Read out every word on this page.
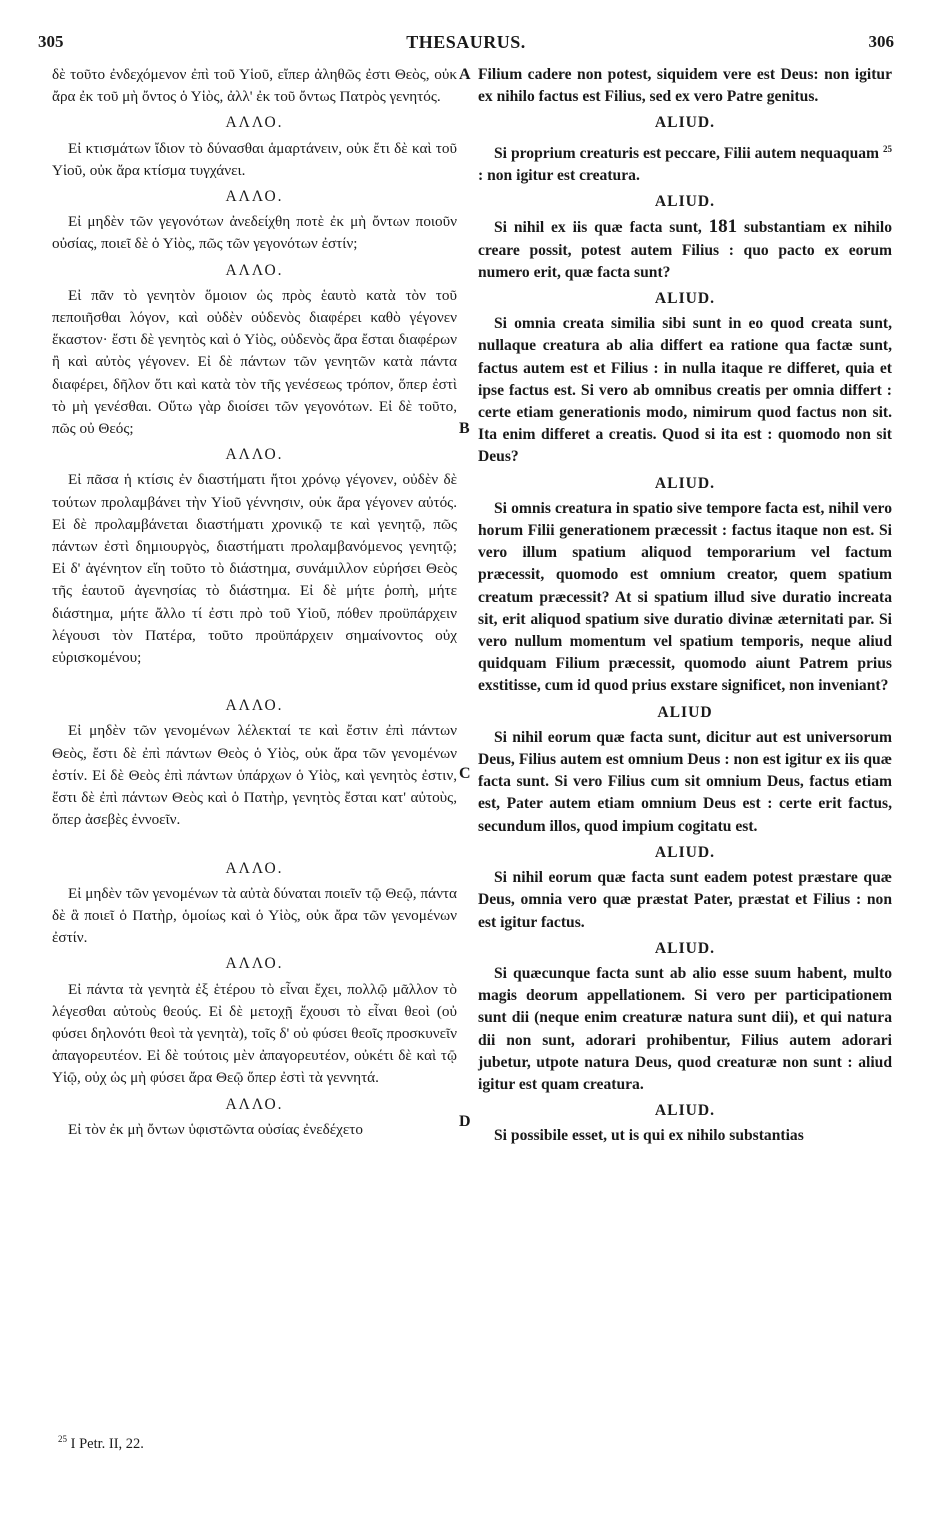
305	THESAURUS.	306

δὲ τοῦτο ἐνδεχόμενον ἐπὶ τοῦ Υἱοῦ, εἴπερ ἀληθῶς ἐστι Θεὸς, οὐκ ἄρα ἐκ τοῦ μὴ ὄντος ὁ Υἱὸς, ἀλλ' ἐκ τοῦ ὄντως Πατρὸς γενητός.

ΑΛΛΟ.

Εἰ κτισμάτων ἴδιον τὸ δύνασθαι ἁμαρτάνειν, οὐκ ἔτι δὲ καὶ τοῦ Υἱοῦ, οὐκ ἄρα κτίσμα τυγχάνει.

ΑΛΛΟ.

Εἰ μηδὲν τῶν γεγονότων ἀνεδείχθη ποτὲ ἐκ μὴ ὄντων ποιοῦν οὐσίας, ποιεῖ δὲ ὁ Υἱὸς, πῶς τῶν γεγονότων ἐστίν;

ΑΛΛΟ.

Εἰ πᾶν τὸ γενητὸν ὅμοιον ὡς πρὸς ἑαυτὸ κατὰ τὸν τοῦ πεποιῆσθαι λόγον, καὶ οὐδὲν οὐδενὸς διαφέρει καθὸ γέγονεν ἕκαστον· ἔστι δὲ γενητὸς καὶ ὁ Υἱὸς, οὐδενὸς ἄρα ἔσται διαφέρων ἢ καὶ αὐτὸς γέγονεν. Εἰ δὲ πάντων τῶν γενητῶν κατὰ πάντα διαφέρει, δῆλον ὅτι καὶ κατὰ τὸν τῆς γενέσεως τρόπον, ὅπερ ἐστὶ τὸ μὴ γενέσθαι. Οὕτω γὰρ διοίσει τῶν γεγονότων. Εἰ δὲ τοῦτο, πῶς οὐ Θεός;

ΑΛΛΟ.

Εἰ πᾶσα ἡ κτίσις ἐν διαστήματι ἤτοι χρόνῳ γέγονεν, οὐδὲν δὲ τούτων προλαμβάνει τὴν Υἱοῦ γέννησιν, οὐκ ἄρα γέγονεν αὐτός. Εἰ δὲ προλαμβάνεται διαστήματι χρονικῷ τε καὶ γενητῷ, πῶς πάντων ἐστὶ δημιουργὸς, διαστήματι προλαμβανόμενος γενητῷ; Εἰ δ' ἀγένητον εἴη τοῦτο τὸ διάστημα, συνάμιλλον εὑρήσει Θεὸς τῆς ἑαυτοῦ ἀγενησίας τὸ διάστημα. Εἰ δὲ μήτε ῥοπὴ, μήτε διάστημα, μήτε ἄλλο τί ἐστι πρὸ τοῦ Υἱοῦ, πόθεν προϋπάρχειν λέγουσι τὸν Πατέρα, τοῦτο προϋπάρχειν σημαίνοντος οὐχ εὑρισκομένου;

ΑΛΛΟ.

Εἰ μηδὲν τῶν γενομένων λέλεκταί τε καὶ ἔστιν ἐπὶ πάντων Θεὸς, ἔστι δὲ ἐπὶ πάντων Θεὸς ὁ Υἱὸς, οὐκ ἄρα τῶν γενομένων ἐστίν. Εἰ δὲ Θεὸς ἐπὶ πάντων ὑπάρχων ὁ Υἱὸς, καὶ γενητὸς ἐστιν, ἔστι δὲ ἐπὶ πάντων Θεὸς καὶ ὁ Πατὴρ, γενητὸς ἔσται κατ' αὐτοὺς, ὅπερ ἀσεβὲς ἐννοεῖν.

ΑΛΛΟ.

Εἰ μηδὲν τῶν γενομένων τὰ αὐτὰ δύναται ποιεῖν τῷ Θεῷ, πάντα δὲ ἃ ποιεῖ ὁ Πατὴρ, ὁμοίως καὶ ὁ Υἱὸς, οὐκ ἄρα τῶν γενομένων ἐστίν.

ΑΛΛΟ.

Εἰ πάντα τὰ γενητὰ ἐξ ἑτέρου τὸ εἶναι ἔχει, πολλῷ μᾶλλον τὸ λέγεσθαι αὐτοὺς θεούς. Εἰ δὲ μετοχῇ ἔχουσι τὸ εἶναι θεοὶ (οὐ φύσει δηλονότι θεοὶ τὰ γενητὰ), τοῖς δ' οὐ φύσει θεοῖς προσκυνεῖν ἀπαγορευτέον. Εἰ δὲ τούτοις μὲν ἀπαγορευτέον, οὐκέτι δὲ καὶ τῷ Υἱῷ, οὐχ ὡς μὴ φύσει ἄρα Θεῷ ὅπερ ἐστὶ τὰ γεννητά.

ΑΛΛΟ.

Εἰ τὸν ἐκ μὴ ὄντων ὑφιστῶντα οὐσίας ἐνεδέχετο

A
B
C
D

Filium cadere non potest, siquidem vere est Deus: non igitur ex nihilo factus est Filius, sed ex vero Patre genitus.

ALIUD.

Si proprium creaturis est peccare, Filii autem nequaquam $^{25}$ : non igitur est creatura.

ALIUD.

Si nihil ex iis quæ facta sunt, 181 substantiam ex nihilo creare possit, potest autem Filius : quo pacto ex eorum numero erit, quæ facta sunt?

ALIUD.

Si omnia creata similia sibi sunt in eo quod creata sunt, nullaque creatura ab alia differt ea ratione qua factæ sunt, factus autem est et Filius : in nulla itaque re differet, quia et ipse factus est. Si vero ab omnibus creatis per omnia differt : certe etiam generationis modo, nimirum quod factus non sit. Ita enim differet a creatis. Quod si ita est : quomodo non sit Deus?

ALIUD.

Si omnis creatura in spatio sive tempore facta est, nihil vero horum Filii generationem præcessit : factus itaque non est. Si vero illum spatium aliquod temporarium vel factum præcessit, quomodo est omnium creator, quem spatium creatum præcessit? At si spatium illud sive duratio increata sit, erit aliquod spatium sive duratio divinæ æternitati par. Si vero nullum momentum vel spatium temporis, neque aliud quidquam Filium præcessit, quomodo aiunt Patrem prius exstitisse, cum id quod prius exstare significet, non inveniant?

ALIUD

Si nihil eorum quæ facta sunt, dicitur aut est universorum Deus, Filius autem est omnium Deus : non est igitur ex iis quæ facta sunt. Si vero Filius cum sit omnium Deus, factus etiam est, Pater autem etiam omnium Deus est : certe erit factus, secundum illos, quod impium cogitatu est.

ALIUD.

Si nihil eorum quæ facta sunt eadem potest præstare quæ Deus, omnia vero quæ præstat Pater, præstat et Filius : non est igitur factus.

ALIUD.

Si quæcunque facta sunt ab alio esse suum habent, multo magis deorum appellationem. Si vero per participationem sunt dii (neque enim creaturæ natura sunt dii), et qui natura dii non sunt, adorari prohibentur, Filius autem adorari jubetur, utpote natura Deus, quod creaturæ non sunt : aliud igitur est quam creatura.

ALIUD.

Si possibile esset, ut is qui ex nihilo substantias

$^{25}$ I Petr. II, 22.
